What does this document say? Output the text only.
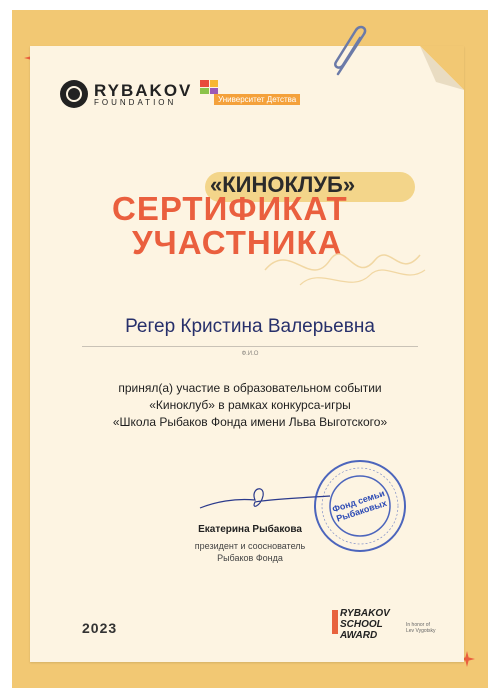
RYBAKOV
FOUNDATION	Университет Детства
«КИНОКЛУБ»
СЕРТИФИКАТ
УЧАСТНИКА
Регер Кристина Валерьевна
Ф.И.О
принял(а) участие в образовательном событии
«Киноклуб» в рамках конкурса-игры
«Школа Рыбаков Фонда имени Льва Выготского»
Екатерина Рыбакова
президент и сооснователь
Рыбаков Фонда
Фонд семьи Рыбаковых
2023
RYBAKOV
SCHOOL
AWARD
In honor of
Lev Vygotsky
